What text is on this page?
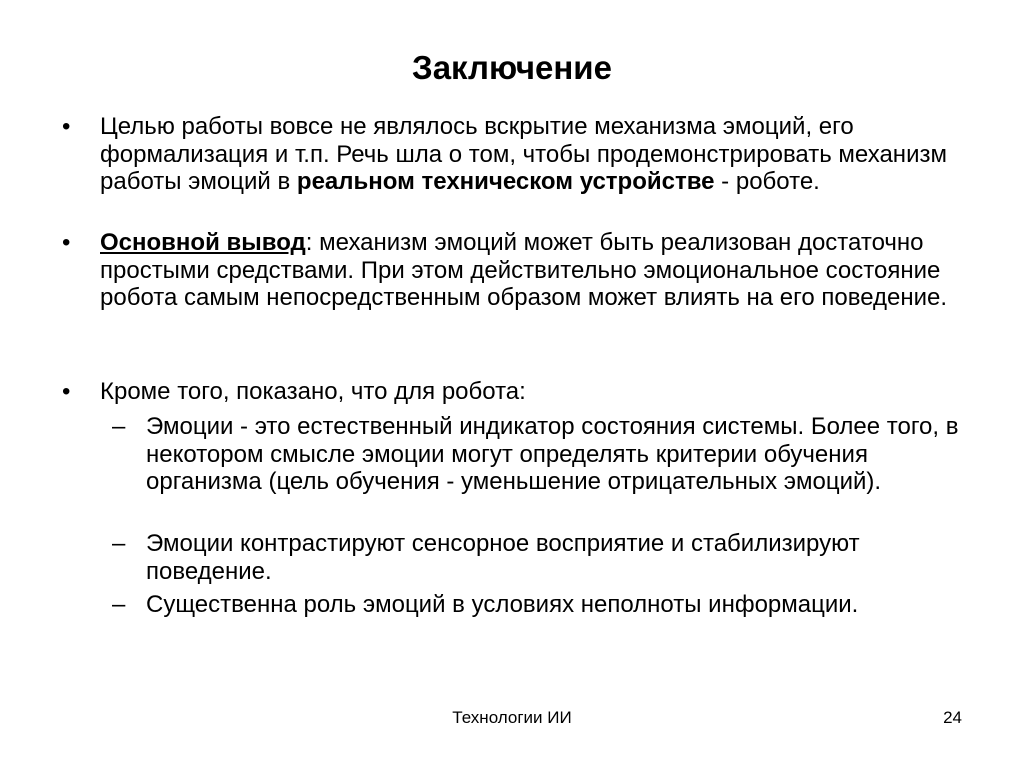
Заключение
•	Целью работы вовсе не являлось вскрытие механизма эмоций, его формализация и т.п. Речь шла о том, чтобы продемонстрировать механизм работы эмоций в реальном техническом устройстве - роботе.
•	Основной вывод: механизм эмоций может быть реализован достаточно простыми средствами. При этом действительно эмоциональное состояние робота самым непосредственным образом может влиять на его поведение.
•	Кроме того, показано, что для робота:
– Эмоции - это естественный индикатор состояния системы. Более того, в некотором смысле эмоции могут определять критерии обучения организма (цель обучения - уменьшение отрицательных эмоций).
– Эмоции контрастируют сенсорное восприятие и стабилизируют поведение.
– Существенна роль эмоций в условиях неполноты информации.
Технологии ИИ	24
